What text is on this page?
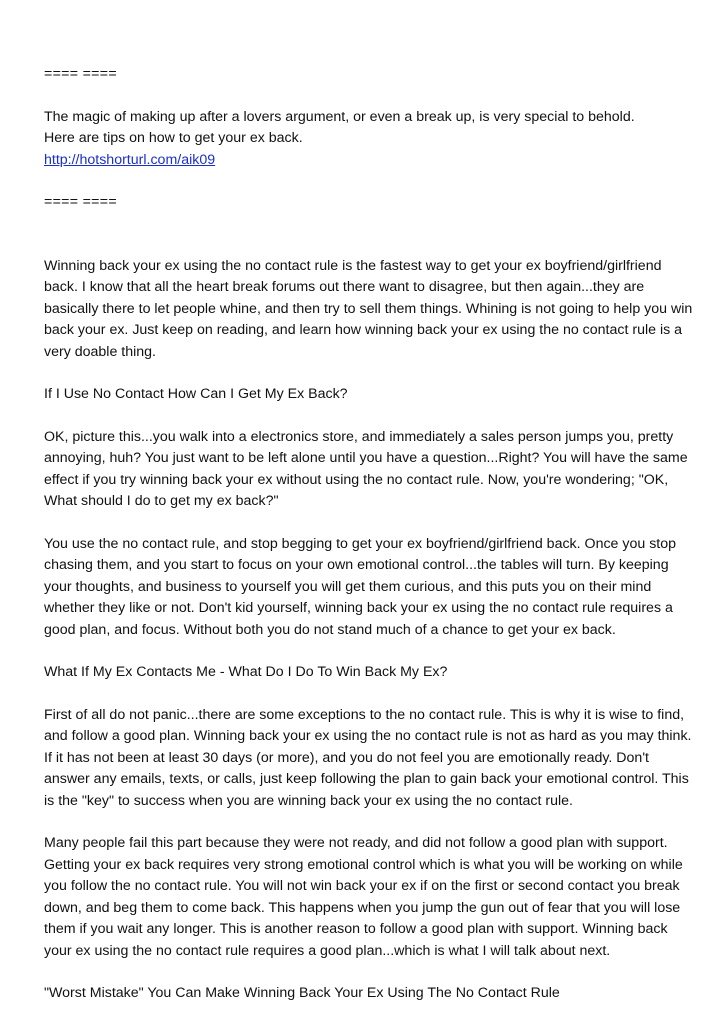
==== ====

The magic of making up after a lovers argument, or even a break up, is very special to behold.

Here are tips on how to get your ex back.

http://hotshorturl.com/aik09

==== ====

Winning back your ex using the no contact rule is the fastest way to get your ex boyfriend/girlfriend back. I know that all the heart break forums out there want to disagree, but then again...they are basically there to let people whine, and then try to sell them things. Whining is not going to help you win back your ex. Just keep on reading, and learn how winning back your ex using the no contact rule is a very doable thing.

If I Use No Contact How Can I Get My Ex Back?

OK, picture this...you walk into a electronics store, and immediately a sales person jumps you, pretty annoying, huh? You just want to be left alone until you have a question...Right? You will have the same effect if you try winning back your ex without using the no contact rule. Now, you're wondering; "OK, What should I do to get my ex back?"

You use the no contact rule, and stop begging to get your ex boyfriend/girlfriend back. Once you stop chasing them, and you start to focus on your own emotional control...the tables will turn. By keeping your thoughts, and business to yourself you will get them curious, and this puts you on their mind whether they like or not. Don't kid yourself, winning back your ex using the no contact rule requires a good plan, and focus. Without both you do not stand much of a chance to get your ex back.

What If My Ex Contacts Me - What Do I Do To Win Back My Ex?

First of all do not panic...there are some exceptions to the no contact rule. This is why it is wise to find, and follow a good plan. Winning back your ex using the no contact rule is not as hard as you may think. If it has not been at least 30 days (or more), and you do not feel you are emotionally ready. Don't answer any emails, texts, or calls, just keep following the plan to gain back your emotional control. This is the "key" to success when you are winning back your ex using the no contact rule.

Many people fail this part because they were not ready, and did not follow a good plan with support. Getting your ex back requires very strong emotional control which is what you will be working on while you follow the no contact rule. You will not win back your ex if on the first or second contact you break down, and beg them to come back. This happens when you jump the gun out of fear that you will lose them if you wait any longer. This is another reason to follow a good plan with support. Winning back your ex using the no contact rule requires a good plan...which is what I will talk about next.

"Worst Mistake" You Can Make Winning Back Your Ex Using The No Contact Rule
